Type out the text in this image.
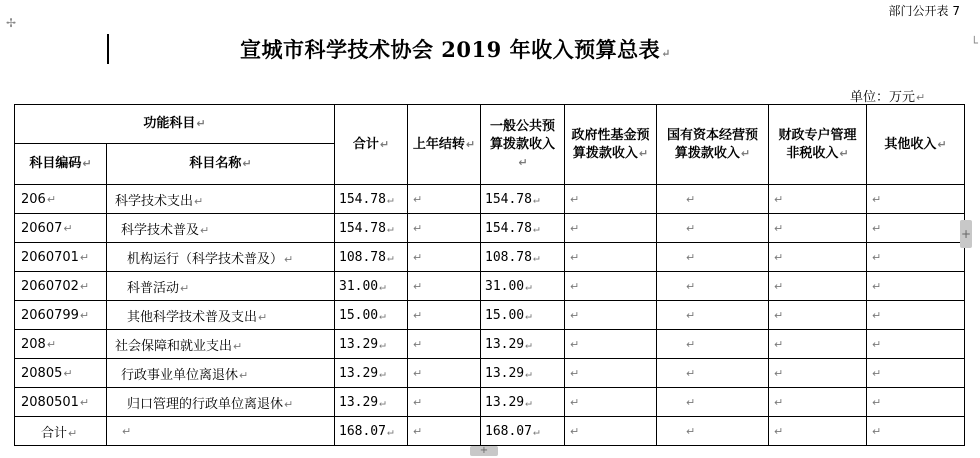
✢
部门公开表 7
宣城市科学技术协会 2019 年收入预算总表↵
└
单位：万元↵
功能科目↵		合计↵	上年结转↵	一般公共预算拨款收入↵	政府性基金预算拨款收入↵	国有资本经营预算拨款收入↵	财政专户管理非税收入↵	其他收入↵
科目编码↵	科目名称↵							
206↵	科学技术支出↵	154.78↵	↵	154.78↵	↵	↵	↵	↵
20607↵	科学技术普及↵	154.78↵	↵	154.78↵	↵	↵	↵	↵
2060701↵	机构运行（科学技术普及）↵	108.78↵	↵	108.78↵	↵	↵	↵	↵
2060702↵	科普活动↵	31.00↵	↵	31.00↵	↵	↵	↵	↵
2060799↵	其他科学技术普及支出↵	15.00↵	↵	15.00↵	↵	↵	↵	↵
208↵	社会保障和就业支出↵	13.29↵	↵	13.29↵	↵	↵	↵	↵
20805↵	行政事业单位离退休↵	13.29↵	↵	13.29↵	↵	↵	↵	↵
2080501↵	归口管理的行政单位离退休↵	13.29↵	↵	13.29↵	↵	↵	↵	↵
合计↵	↵	168.07↵	↵	168.07↵	↵	↵	↵	↵
+
+
